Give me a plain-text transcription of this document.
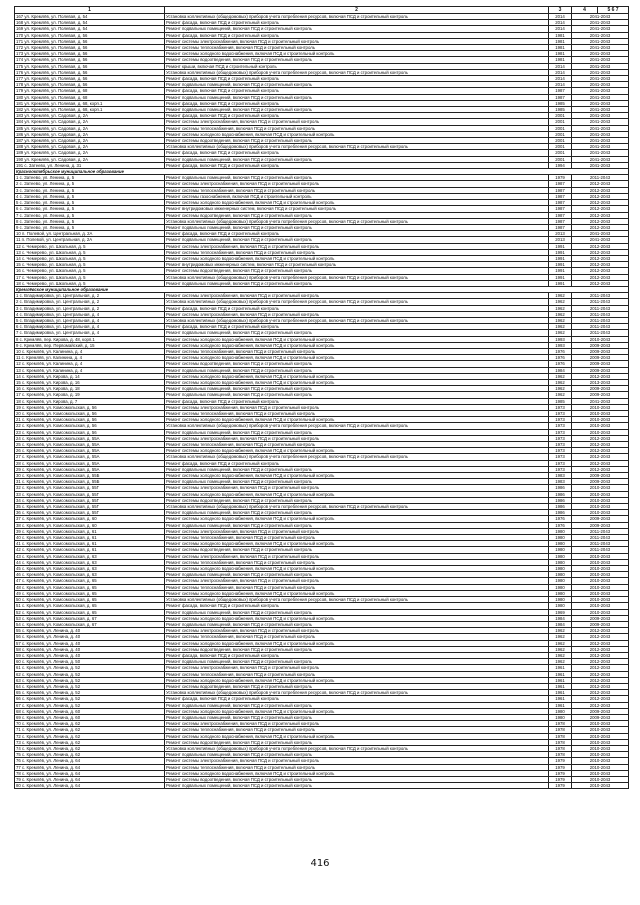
1	2	3	4	5 6 7
167 ул. Кремлёв, ул. Полевая, д. 54	Установка коллективных (общедомовых) приборов учета потребления ресурсов, включая ПСД и строительный контроль	2014	2041-2043	
168 ул. Кремлёв, ул. Полевая, д. 54	Ремонт фасада, включая ПСД и строительный контроль	2014	2041-2043	
169 ул. Кремлёв, ул. Полевая, д. 54	Ремонт подвальных помещений, включая ПСД и строительный контроль	2014	2041-2043	
170 ул. Кремлёв, ул. Полевая, д. 56	Ремонт фасада, включая ПСД и строительный контроль	1981	2041-2043	
171 ул. Кремлёв, ул. Полевая, д. 56	Ремонт системы электроснабжения, включая ПСД и строительный контроль	1981	2041-2043	
172 ул. Кремлёв, ул. Полевая, д. 56	Ремонт системы теплоснабжения, включая ПСД и строительный контроль	1981	2041-2043	
173 ул. Кремлёв, ул. Полевая, д. 56	Ремонт системы холодного водоснабжения, включая ПСД и строительный контроль	1981	2041-2043	
174 ул. Кремлёв, ул. Полевая, д. 56	Ремонт системы водоотведения, включая ПСД и строительный контроль	1981	2041-2043	
175 ул. Кремлёв, ул. Полевая, д. 56	Ремонт крыши, включая ПСД и строительный контроль	2014	2041-2043	
176 ул. Кремлёв, ул. Полевая, д. 56	Установка коллективных (общедомовых) приборов учета потребления ресурсов, включая ПСД и строительный контроль	2014	2041-2043	
177 ул. Кремлёв, ул. Полевая, д. 56	Ремонт фасада, включая ПСД и строительный контроль	2014	2041-2043	
178 ул. Кремлёв, ул. Полевая, д. 56	Ремонт подвальных помещений, включая ПСД и строительный контроль	2014	2041-2043	
179 ул. Кремлёв, ул. Полевая, д. 68	Ремонт фасада, включая ПСД и строительный контроль	1987	2041-2043	
180 ул. Кремлёв, ул. Полевая, д. 68	Ремонт подвальных помещений, включая ПСД и строительный контроль	1987	2041-2043	
181 ул. Кремлёв, ул. Полевая, д. 68, корп.1	Ремонт фасада, включая ПСД и строительный контроль	1985	2041-2043	
182 ул. Кремлёв, ул. Полевая, д. 68, корп.1	Ремонт подвальных помещений, включая ПСД и строительный контроль	1985	2041-2043	
183 ул. Кремлёв, ул. Садовая, д. 2А	Ремонт фасада, включая ПСД и строительный контроль	2001	2041-2043	
184 ул. Кремлёв, ул. Садовая, д. 2А	Ремонт системы электроснабжения, включая ПСД и строительный контроль	2001	2041-2043	
185 ул. Кремлёв, ул. Садовая, д. 2А	Ремонт системы теплоснабжения, включая ПСД и строительный контроль	2001	2041-2043	
186 ул. Кремлёв, ул. Садовая, д. 2А	Ремонт системы холодного водоснабжения, включая ПСД и строительный контроль	2001	2041-2043	
187 ул. Кремлёв, ул. Садовая, д. 2А	Ремонт системы водоотведения, включая ПСД и строительный контроль	2001	2041-2043	
188 ул. Кремлёв, ул. Садовая, д. 2А	Установка коллективных (общедомовых) приборов учета потребления ресурсов, включая ПСД и строительный контроль	2001	2041-2043	
189 ул. Кремлёв, ул. Садовая, д. 2А	Ремонт фасада, включая ПСД и строительный контроль	2001	2041-2043	
190 ул. Кремлёв, ул. Садовая, д. 2А	Ремонт подвальных помещений, включая ПСД и строительный контроль	2001	2041-2043	
191 с. Затеево, ул. Ленина, д. 31	Ремонт фасада, включая ПСД и строительный контроль	1994	2041-2043	
Краснооктябрьское муниципальное образование				
1 с. Затеево, ул. Ленина, д. 5	Ремонт подвальных помещений, включая ПСД и строительный контроль	1979	2011-2043	
2 с. Затеево, ул. Ленина, д. 5	Ремонт системы электроснабжения, включая ПСД и строительный контроль	1987	2012-2043	
3 с. Затеево, ул. Ленина, д. 5	Ремонт системы теплоснабжения, включая ПСД и строительный контроль	1987	2012-2043	
4 с. Затеево, ул. Ленина, д. 5	Ремонт системы газоснабжения, включая ПСД и строительный контроль	1987	2012-2043	
5 с. Затеево, ул. Ленина, д. 5	Ремонт системы холодного водоснабжения, включая ПСД и строительный контроль	1987	2012-2043	
6 с. Затеево, ул. Ленина, д. 5	Ремонт внутридомовых инженерных систем, включая ПСД и строительный контроль	1987	2012-2043	
7 с. Затеево, ул. Ленина, д. 5	Ремонт системы водоотведения, включая ПСД и строительный контроль	1987	2012-2043	
8 с. Затеево, ул. Ленина, д. 5	Установка коллективных (общедомовых) приборов учета потребления ресурсов, включая ПСД и строительный контроль	1987	2012-2043	
9 с. Затеево, ул. Ленина, д. 5	Ремонт подвальных помещений, включая ПСД и строительный контроль	1987	2012-2043	
10 п. Полевой, ул. Центральная, д. 2А	Ремонт фасада, включая ПСД и строительный контроль	2013	2041-2043	
11 п. Полевой, ул. Центральная, д. 2А	Ремонт подвальных помещений, включая ПСД и строительный контроль	2013	2041-2043	
12 с. Чемерево, ул. Школьная, д. 5	Ремонт системы электроснабжения, включая ПСД и строительный контроль	1991	2012-2043	
13 с. Чемерево, ул. Школьная, д. 5	Ремонт системы теплоснабжения, включая ПСД и строительный контроль	1991	2012-2043	
14 с. Чемерево, ул. Школьная, д. 5	Ремонт системы холодного водоснабжения, включая ПСД и строительный контроль	1991	2012-2043	
15 с. Чемерево, ул. Школьная, д. 5	Ремонт внутридомовых инженерных систем, включая ПСД и строительный контроль	1991	2012-2043	
16 с. Чемерево, ул. Школьная, д. 5	Ремонт системы водоотведения, включая ПСД и строительный контроль	1991	2012-2043	
17 с. Чемерево, ул. Школьная, д. 5	Установка коллективных (общедомовых) приборов учета потребления ресурсов, включая ПСД и строительный контроль	1991	2012-2043	
18 с. Чемерево, ул. Школьная, д. 5	Ремонт подвальных помещений, включая ПСД и строительный контроль	1991	2012-2043	
Кремлёвское муниципальное образование				
1 с. Владимировка, ул. Центральная, д. 2	Ремонт системы электроснабжения, включая ПСД и строительный контроль	1962	2011-2043	
2 с. Владимировка, ул. Центральная, д. 2	Установка коллективных (общедомовых) приборов учета потребления ресурсов, включая ПСД и строительный контроль	1962	2011-2043	
3 с. Владимировка, ул. Центральная, д. 2	Ремонт фасада, включая ПСД и строительный контроль	1962	2011-2043	
4 с. Владимировка, ул. Центральная, д. 4	Ремонт системы электроснабжения, включая ПСД и строительный контроль	1962	2011-2043	
5 с. Владимировка, ул. Центральная, д. 4	Установка коллективных (общедомовых) приборов учета потребления ресурсов, включая ПСД и строительный контроль	1962	2011-2043	
6 с. Владимировка, ул. Центральная, д. 4	Ремонт фасада, включая ПСД и строительный контроль	1962	2011-2043	
7 с. Владимировка, ул. Центральная, д. 4	Ремонт подвальных помещений, включая ПСД и строительный контроль	1962	2011-2043	
8 с. Кремлёв, пер. Кирова, д. 48, корп.1	Ремонт системы холодного водоснабжения, включая ПСД и строительный контроль	1993	2010-2043	
9 с. Кремлёв, пер. Первомайский, д. 15	Ремонт системы холодного водоснабжения, включая ПСД и строительный контроль	1993	2009-2043	
10 с. Кремлёв, ул. Калинина, д. 4	Ремонт системы теплоснабжения, включая ПСД и строительный контроль	1976	2009-2043	
11 с. Кремлёв, ул. Калинина, д. 4	Ремонт системы холодного водоснабжения, включая ПСД и строительный контроль	1976	2009-2043	
12 с. Кремлёв, ул. Калинина, д. 4	Ремонт системы водоотведения, включая ПСД и строительный контроль	1976	2009-2043	
13 с. Кремлёв, ул. Калинина, д. 4	Ремонт подвальных помещений, включая ПСД и строительный контроль	1984	2009-2043	
14 с. Кремлёв, ул. Кирова, д. 14	Ремонт системы холодного водоснабжения, включая ПСД и строительный контроль	1962	2012-2043	
15 с. Кремлёв, ул. Кирова, д. 16	Ремонт системы холодного водоснабжения, включая ПСД и строительный контроль	1962	2013-2043	
16 с. Кремлёв, ул. Кирова, д. 18	Ремонт подвальных помещений, включая ПСД и строительный контроль	1962	2009-2043	
17 с. Кремлёв, ул. Кирова, д. 19	Ремонт подвальных помещений, включая ПСД и строительный контроль	1962	2009-2043	
18 с. Кремлёв, ул. Кирова, д. 7	Ремонт фасада, включая ПСД и строительный контроль	1985	2041-2043	
19 с. Кремлёв, ул. Комсомольская, д. 56	Ремонт системы электроснабжения, включая ПСД и строительный контроль	1973	2010-2043	
20 с. Кремлёв, ул. Комсомольская, д. 56	Ремонт системы теплоснабжения, включая ПСД и строительный контроль	1973	2010-2043	
21 с. Кремлёв, ул. Комсомольская, д. 56	Ремонт системы холодного водоснабжения, включая ПСД и строительный контроль	1973	2010-2043	
22 с. Кремлёв, ул. Комсомольская, д. 56	Установка коллективных (общедомовых) приборов учета потребления ресурсов, включая ПСД и строительный контроль	1973	2010-2043	
23 с. Кремлёв, ул. Комсомольская, д. 56	Ремонт подвальных помещений, включая ПСД и строительный контроль	1973	2010-2043	
24 с. Кремлёв, ул. Комсомольская, д. 55А	Ремонт системы электроснабжения, включая ПСД и строительный контроль	1973	2012-2043	
25 с. Кремлёв, ул. Комсомольская, д. 55А	Ремонт системы теплоснабжения, включая ПСД и строительный контроль	1973	2012-2043	
26 с. Кремлёв, ул. Комсомольская, д. 55А	Ремонт системы холодного водоснабжения, включая ПСД и строительный контроль	1973	2012-2043	
27 с. Кремлёв, ул. Комсомольская, д. 55А	Установка коллективных (общедомовых) приборов учета потребления ресурсов, включая ПСД и строительный контроль	1973	2012-2043	
28 с. Кремлёв, ул. Комсомольская, д. 55А	Ремонт фасада, включая ПСД и строительный контроль	1973	2012-2043	
29 с. Кремлёв, ул. Комсомольская, д. 55А	Ремонт подвальных помещений, включая ПСД и строительный контроль	1973	2012-2043	
30 с. Кремлёв, ул. Комсомольская, д. 55Б	Ремонт системы холодного водоснабжения, включая ПСД и строительный контроль	1983	2009-2043	
31 с. Кремлёв, ул. Комсомольская, д. 55Б	Ремонт подвальных помещений, включая ПСД и строительный контроль	1983	2009-2043	
32 с. Кремлёв, ул. Комсомольская, д. 55Г	Ремонт системы электроснабжения, включая ПСД и строительный контроль	1986	2010-2043	
33 с. Кремлёв, ул. Комсомольская, д. 55Г	Ремонт системы холодного водоснабжения, включая ПСД и строительный контроль	1986	2010-2043	
34 с. Кремлёв, ул. Комсомольская, д. 55Г	Ремонт системы водоотведения, включая ПСД и строительный контроль	1986	2010-2043	
35 с. Кремлёв, ул. Комсомольская, д. 55Г	Установка коллективных (общедомовых) приборов учета потребления ресурсов, включая ПСД и строительный контроль	1986	2010-2043	
36 с. Кремлёв, ул. Комсомольская, д. 55Г	Ремонт подвальных помещений, включая ПСД и строительный контроль	1986	2010-2043	
37 с. Кремлёв, ул. Комсомольская, д. 60	Ремонт системы холодного водоснабжения, включая ПСД и строительный контроль	1976	2009-2043	
38 с. Кремлёв, ул. Комсомольская, д. 60	Ремонт подвальных помещений, включая ПСД и строительный контроль	1976	2009-2043	
39 с. Кремлёв, ул. Комсомольская, д. 61	Ремонт системы электроснабжения, включая ПСД и строительный контроль	1980	2011-2043	
40 с. Кремлёв, ул. Комсомольская, д. 61	Ремонт системы теплоснабжения, включая ПСД и строительный контроль	1980	2011-2043	
41 с. Кремлёв, ул. Комсомольская, д. 61	Ремонт системы холодного водоснабжения, включая ПСД и строительный контроль	1980	2011-2043	
42 с. Кремлёв, ул. Комсомольская, д. 61	Ремонт системы водоотведения, включая ПСД и строительный контроль	1980	2011-2043	
43 с. Кремлёв, ул. Комсомольская, д. 63	Ремонт системы электроснабжения, включая ПСД и строительный контроль	1980	2010-2043	
44 с. Кремлёв, ул. Комсомольская, д. 63	Ремонт системы теплоснабжения, включая ПСД и строительный контроль	1980	2010-2043	
45 с. Кремлёв, ул. Комсомольская, д. 63	Ремонт системы холодного водоснабжения, включая ПСД и строительный контроль	1980	2010-2043	
46 с. Кремлёв, ул. Комсомольская, д. 63	Ремонт подвальных помещений, включая ПСД и строительный контроль	1980	2010-2043	
47 с. Кремлёв, ул. Комсомольская, д. 65	Ремонт системы электроснабжения, включая ПСД и строительный контроль	1980	2010-2043	
48 с. Кремлёв, ул. Комсомольская, д. 65	Ремонт системы теплоснабжения, включая ПСД и строительный контроль	1980	2010-2043	
49 с. Кремлёв, ул. Комсомольская, д. 65	Ремонт системы холодного водоснабжения, включая ПСД и строительный контроль	1980	2010-2043	
50 с. Кремлёв, ул. Комсомольская, д. 65	Установка коллективных (общедомовых) приборов учета потребления ресурсов, включая ПСД и строительный контроль	1980	2010-2043	
51 с. Кремлёв, ул. Комсомольская, д. 65	Ремонт фасада, включая ПСД и строительный контроль	1980	2010-2043	
52 с. Кремлёв, ул. Комсомольская, д. 65	Ремонт подвальных помещений, включая ПСД и строительный контроль	1969	2010-2043	
53 с. Кремлёв, ул. Комсомольская, д. 67	Ремонт системы холодного водоснабжения, включая ПСД и строительный контроль	1984	2009-2043	
54 с. Кремлёв, ул. Комсомольская, д. 67	Ремонт подвальных помещений, включая ПСД и строительный контроль	1984	2009-2043	
55 с. Кремлёв, ул. Ленина, д. 40	Ремонт системы электроснабжения, включая ПСД и строительный контроль	1962	2012-2043	
56 с. Кремлёв, ул. Ленина, д. 40	Ремонт системы теплоснабжения, включая ПСД и строительный контроль	1962	2012-2043	
57 с. Кремлёв, ул. Ленина, д. 40	Ремонт системы холодного водоснабжения, включая ПСД и строительный контроль	1962	2012-2043	
58 с. Кремлёв, ул. Ленина, д. 40	Ремонт системы водоотведения, включая ПСД и строительный контроль	1962	2012-2043	
59 с. Кремлёв, ул. Ленина, д. 40	Ремонт фасада, включая ПСД и строительный контроль	1962	2012-2043	
60 с. Кремлёв, ул. Ленина, д. 50	Ремонт подвальных помещений, включая ПСД и строительный контроль	1962	2012-2043	
61 с. Кремлёв, ул. Ленина, д. 52	Ремонт системы электроснабжения, включая ПСД и строительный контроль	1961	2012-2043	
62 с. Кремлёв, ул. Ленина, д. 52	Ремонт системы теплоснабжения, включая ПСД и строительный контроль	1961	2012-2043	
63 с. Кремлёв, ул. Ленина, д. 52	Ремонт системы холодного водоснабжения, включая ПСД и строительный контроль	1961	2012-2043	
64 с. Кремлёв, ул. Ленина, д. 52	Ремонт системы водоотведения, включая ПСД и строительный контроль	1961	2012-2043	
65 с. Кремлёв, ул. Ленина, д. 52	Установка коллективных (общедомовых) приборов учета потребления ресурсов, включая ПСД и строительный контроль	1961	2012-2043	
66 с. Кремлёв, ул. Ленина, д. 52	Ремонт фасада, включая ПСД и строительный контроль	1961	2012-2043	
67 с. Кремлёв, ул. Ленина, д. 52	Ремонт подвальных помещений, включая ПСД и строительный контроль	1961	2012-2043	
68 с. Кремлёв, ул. Ленина, д. 60	Ремонт системы холодного водоснабжения, включая ПСД и строительный контроль	1980	2009-2043	
69 с. Кремлёв, ул. Ленина, д. 60	Ремонт подвальных помещений, включая ПСД и строительный контроль	1980	2009-2043	
70 с. Кремлёв, ул. Ленина, д. 62	Ремонт системы электроснабжения, включая ПСД и строительный контроль	1978	2010-2043	
71 с. Кремлёв, ул. Ленина, д. 62	Ремонт системы теплоснабжения, включая ПСД и строительный контроль	1978	2010-2043	
72 с. Кремлёв, ул. Ленина, д. 62	Ремонт системы холодного водоснабжения, включая ПСД и строительный контроль	1978	2010-2043	
73 с. Кремлёв, ул. Ленина, д. 62	Ремонт системы водоотведения, включая ПСД и строительный контроль	1978	2010-2043	
74 с. Кремлёв, ул. Ленина, д. 62	Установка коллективных (общедомовых) приборов учета потребления ресурсов, включая ПСД и строительный контроль	1978	2010-2043	
75 с. Кремлёв, ул. Ленина, д. 62	Ремонт подвальных помещений, включая ПСД и строительный контроль	1978	2010-2043	
76 с. Кремлёв, ул. Ленина, д. 64	Ремонт системы электроснабжения, включая ПСД и строительный контроль	1979	2010-2043	
77 с. Кремлёв, ул. Ленина, д. 64	Ремонт системы теплоснабжения, включая ПСД и строительный контроль	1979	2010-2043	
78 с. Кремлёв, ул. Ленина, д. 64	Ремонт системы холодного водоснабжения, включая ПСД и строительный контроль	1979	2010-2043	
79 с. Кремлёв, ул. Ленина, д. 64	Ремонт системы водоотведения, включая ПСД и строительный контроль	1979	2010-2043	
80 с. Кремлёв, ул. Ленина, д. 64	Ремонт подвальных помещений, включая ПСД и строительный контроль	1979	2010-2043	
416
